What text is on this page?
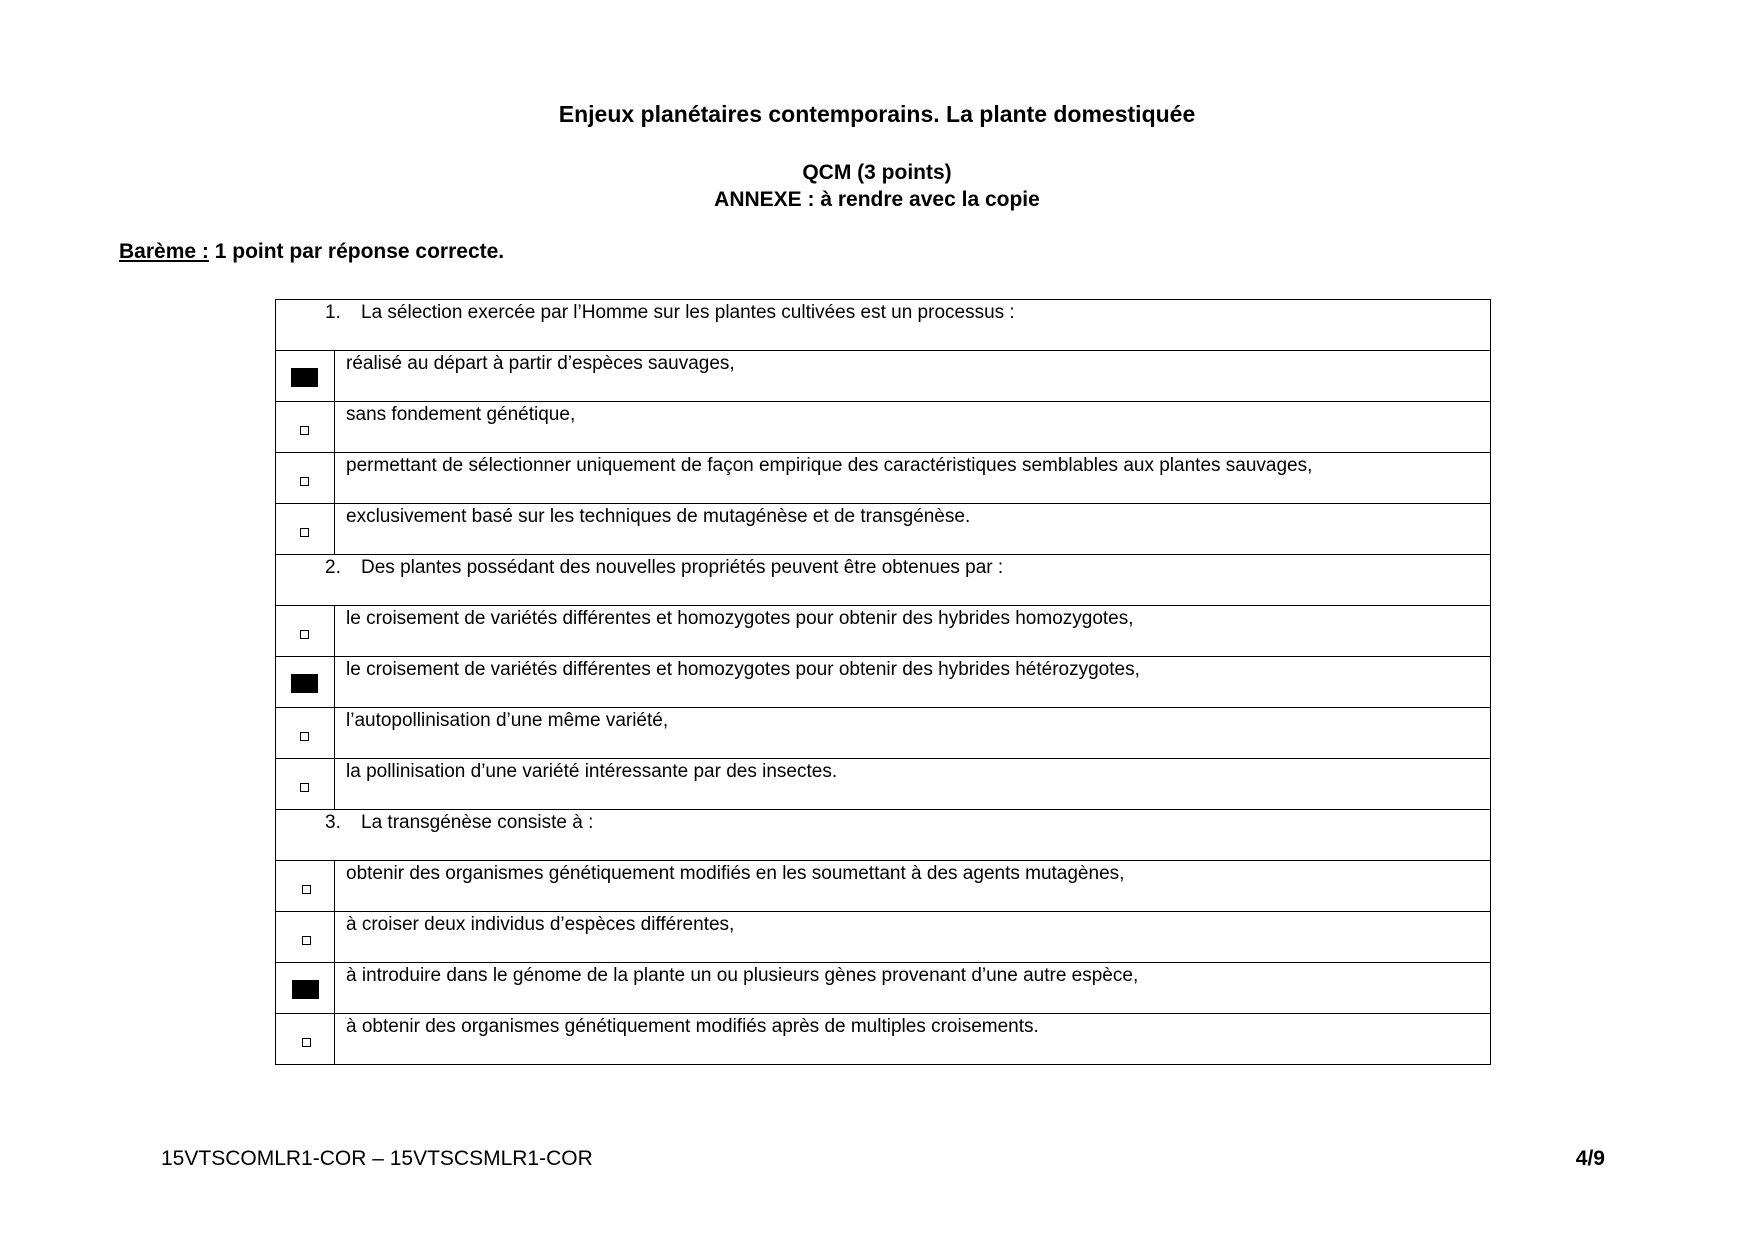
Enjeux planétaires contemporains. La plante domestiquée

QCM (3 points)

ANNEXE : à rendre avec la copie

Barème : 1 point par réponse correcte.

1. La sélection exercée par l’Homme sur les plantes cultivées est un processus :	

	réalisé au départ à partir d’espèces sauvages,

	sans fondement génétique,

	permettant de sélectionner uniquement de façon empirique des caractéristiques semblables aux plantes sauvages,

	exclusivement basé sur les techniques de mutagénèse et de transgénèse.
2. Des plantes possédant des nouvelles propriétés peuvent être obtenues par :	

	le croisement de variétés différentes et homozygotes pour obtenir des hybrides homozygotes,

	le croisement de variétés différentes et homozygotes pour obtenir des hybrides hétérozygotes,

	l’autopollinisation d’une même variété,

	la pollinisation d’une variété intéressante par des insectes.
3. La transgénèse consiste à :	

	obtenir des organismes génétiquement modifiés en les soumettant à des agents mutagènes,

	à croiser deux individus d’espèces différentes,

	à introduire dans le génome de la plante un ou plusieurs gènes provenant d’une autre espèce,

	à obtenir des organismes génétiquement modifiés après de multiples croisements.

15VTSCOMLR1-COR – 15VTSCSMLR1-COR	4/9
